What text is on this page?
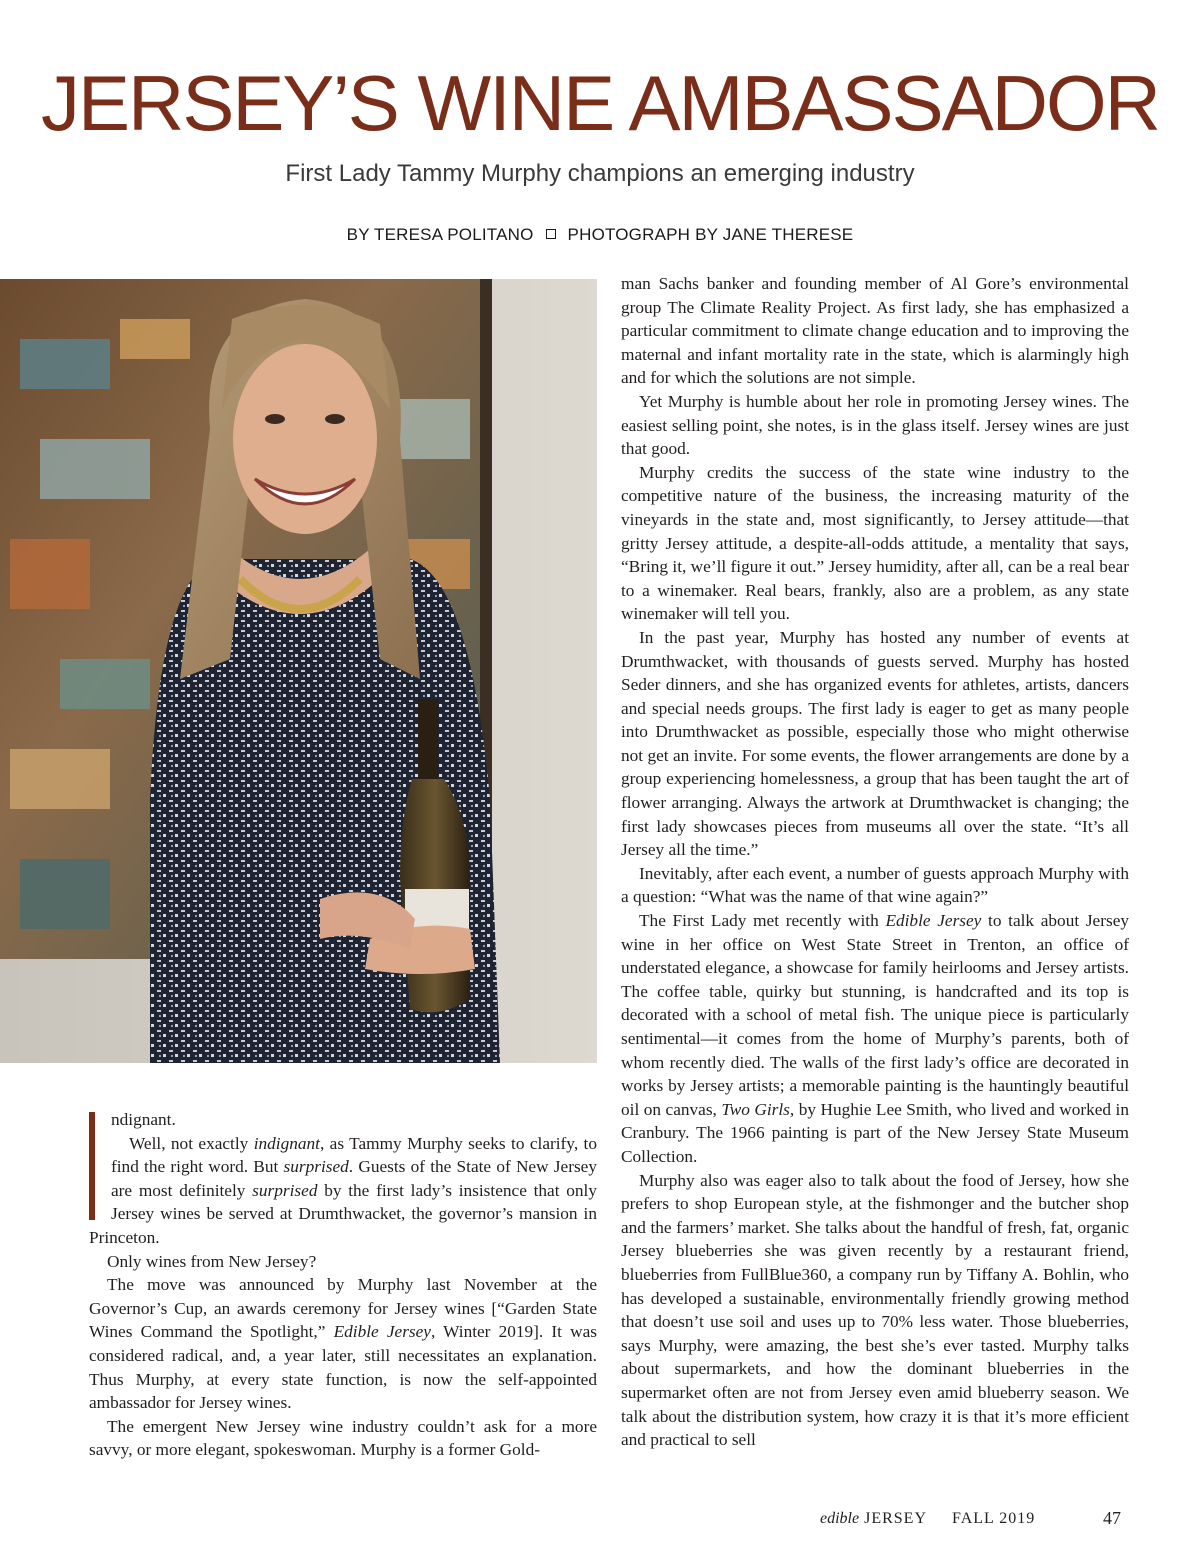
JERSEY’S WINE AMBASSADOR
First Lady Tammy Murphy champions an emerging industry
BY TERESA POLITANO PHOTOGRAPH BY JANE THERESE

ndignant.

Well, not exactly indignant, as Tammy Murphy seeks to clarify, to find the right word. But surprised. Guests of the State of New Jersey are most definitely surprised by the first lady’s insistence that only Jersey wines be served at Drumthwacket, the governor’s mansion in Princeton.

Only wines from New Jersey?

The move was announced by Murphy last November at the Governor’s Cup, an awards ceremony for Jersey wines [“Garden State Wines Command the Spotlight,” Edible Jersey, Winter 2019]. It was considered radical, and, a year later, still necessitates an explanation. Thus Murphy, at every state function, is now the self-appointed ambassador for Jersey wines.

The emergent New Jersey wine industry couldn’t ask for a more savvy, or more elegant, spokeswoman. Murphy is a former Gold-

man Sachs banker and founding member of Al Gore’s environmental group The Climate Reality Project. As first lady, she has emphasized a particular commitment to climate change education and to improving the maternal and infant mortality rate in the state, which is alarmingly high and for which the solutions are not simple.

Yet Murphy is humble about her role in promoting Jersey wines. The easiest selling point, she notes, is in the glass itself. Jersey wines are just that good.

Murphy credits the success of the state wine industry to the competitive nature of the business, the increasing maturity of the vineyards in the state and, most significantly, to Jersey attitude—that gritty Jersey attitude, a despite-all-odds attitude, a mentality that says, “Bring it, we’ll figure it out.” Jersey humidity, after all, can be a real bear to a winemaker. Real bears, frankly, also are a problem, as any state winemaker will tell you.

In the past year, Murphy has hosted any number of events at Drumthwacket, with thousands of guests served. Murphy has hosted Seder dinners, and she has organized events for athletes, artists, dancers and special needs groups. The first lady is eager to get as many people into Drumthwacket as possible, especially those who might otherwise not get an invite. For some events, the flower arrangements are done by a group experiencing homelessness, a group that has been taught the art of flower arranging. Always the artwork at Drumthwacket is changing; the first lady showcases pieces from museums all over the state. “It’s all Jersey all the time.”

Inevitably, after each event, a number of guests approach Murphy with a question: “What was the name of that wine again?”

The First Lady met recently with Edible Jersey to talk about Jersey wine in her office on West State Street in Trenton, an office of understated elegance, a showcase for family heirlooms and Jersey artists. The coffee table, quirky but stunning, is handcrafted and its top is decorated with a school of metal fish. The unique piece is particularly sentimental—it comes from the home of Murphy’s parents, both of whom recently died. The walls of the first lady’s office are decorated in works by Jersey artists; a memorable painting is the hauntingly beautiful oil on canvas, Two Girls, by Hughie Lee Smith, who lived and worked in Cranbury. The 1966 painting is part of the New Jersey State Museum Collection.

Murphy also was eager also to talk about the food of Jersey, how she prefers to shop European style, at the fishmonger and the butcher shop and the farmers’ market. She talks about the handful of fresh, fat, organic Jersey blueberries she was given recently by a restaurant friend, blueberries from FullBlue360, a company run by Tiffany A. Bohlin, who has developed a sustainable, environmentally friendly growing method that doesn’t use soil and uses up to 70% less water. Those blueberries, says Murphy, were amazing, the best she’s ever tasted. Murphy talks about supermarkets, and how the dominant blueberries in the supermarket often are not from Jersey even amid blueberry season. We talk about the distribution system, how crazy it is that it’s more efficient and practical to sell

edible JERSEY FALL 2019	47
